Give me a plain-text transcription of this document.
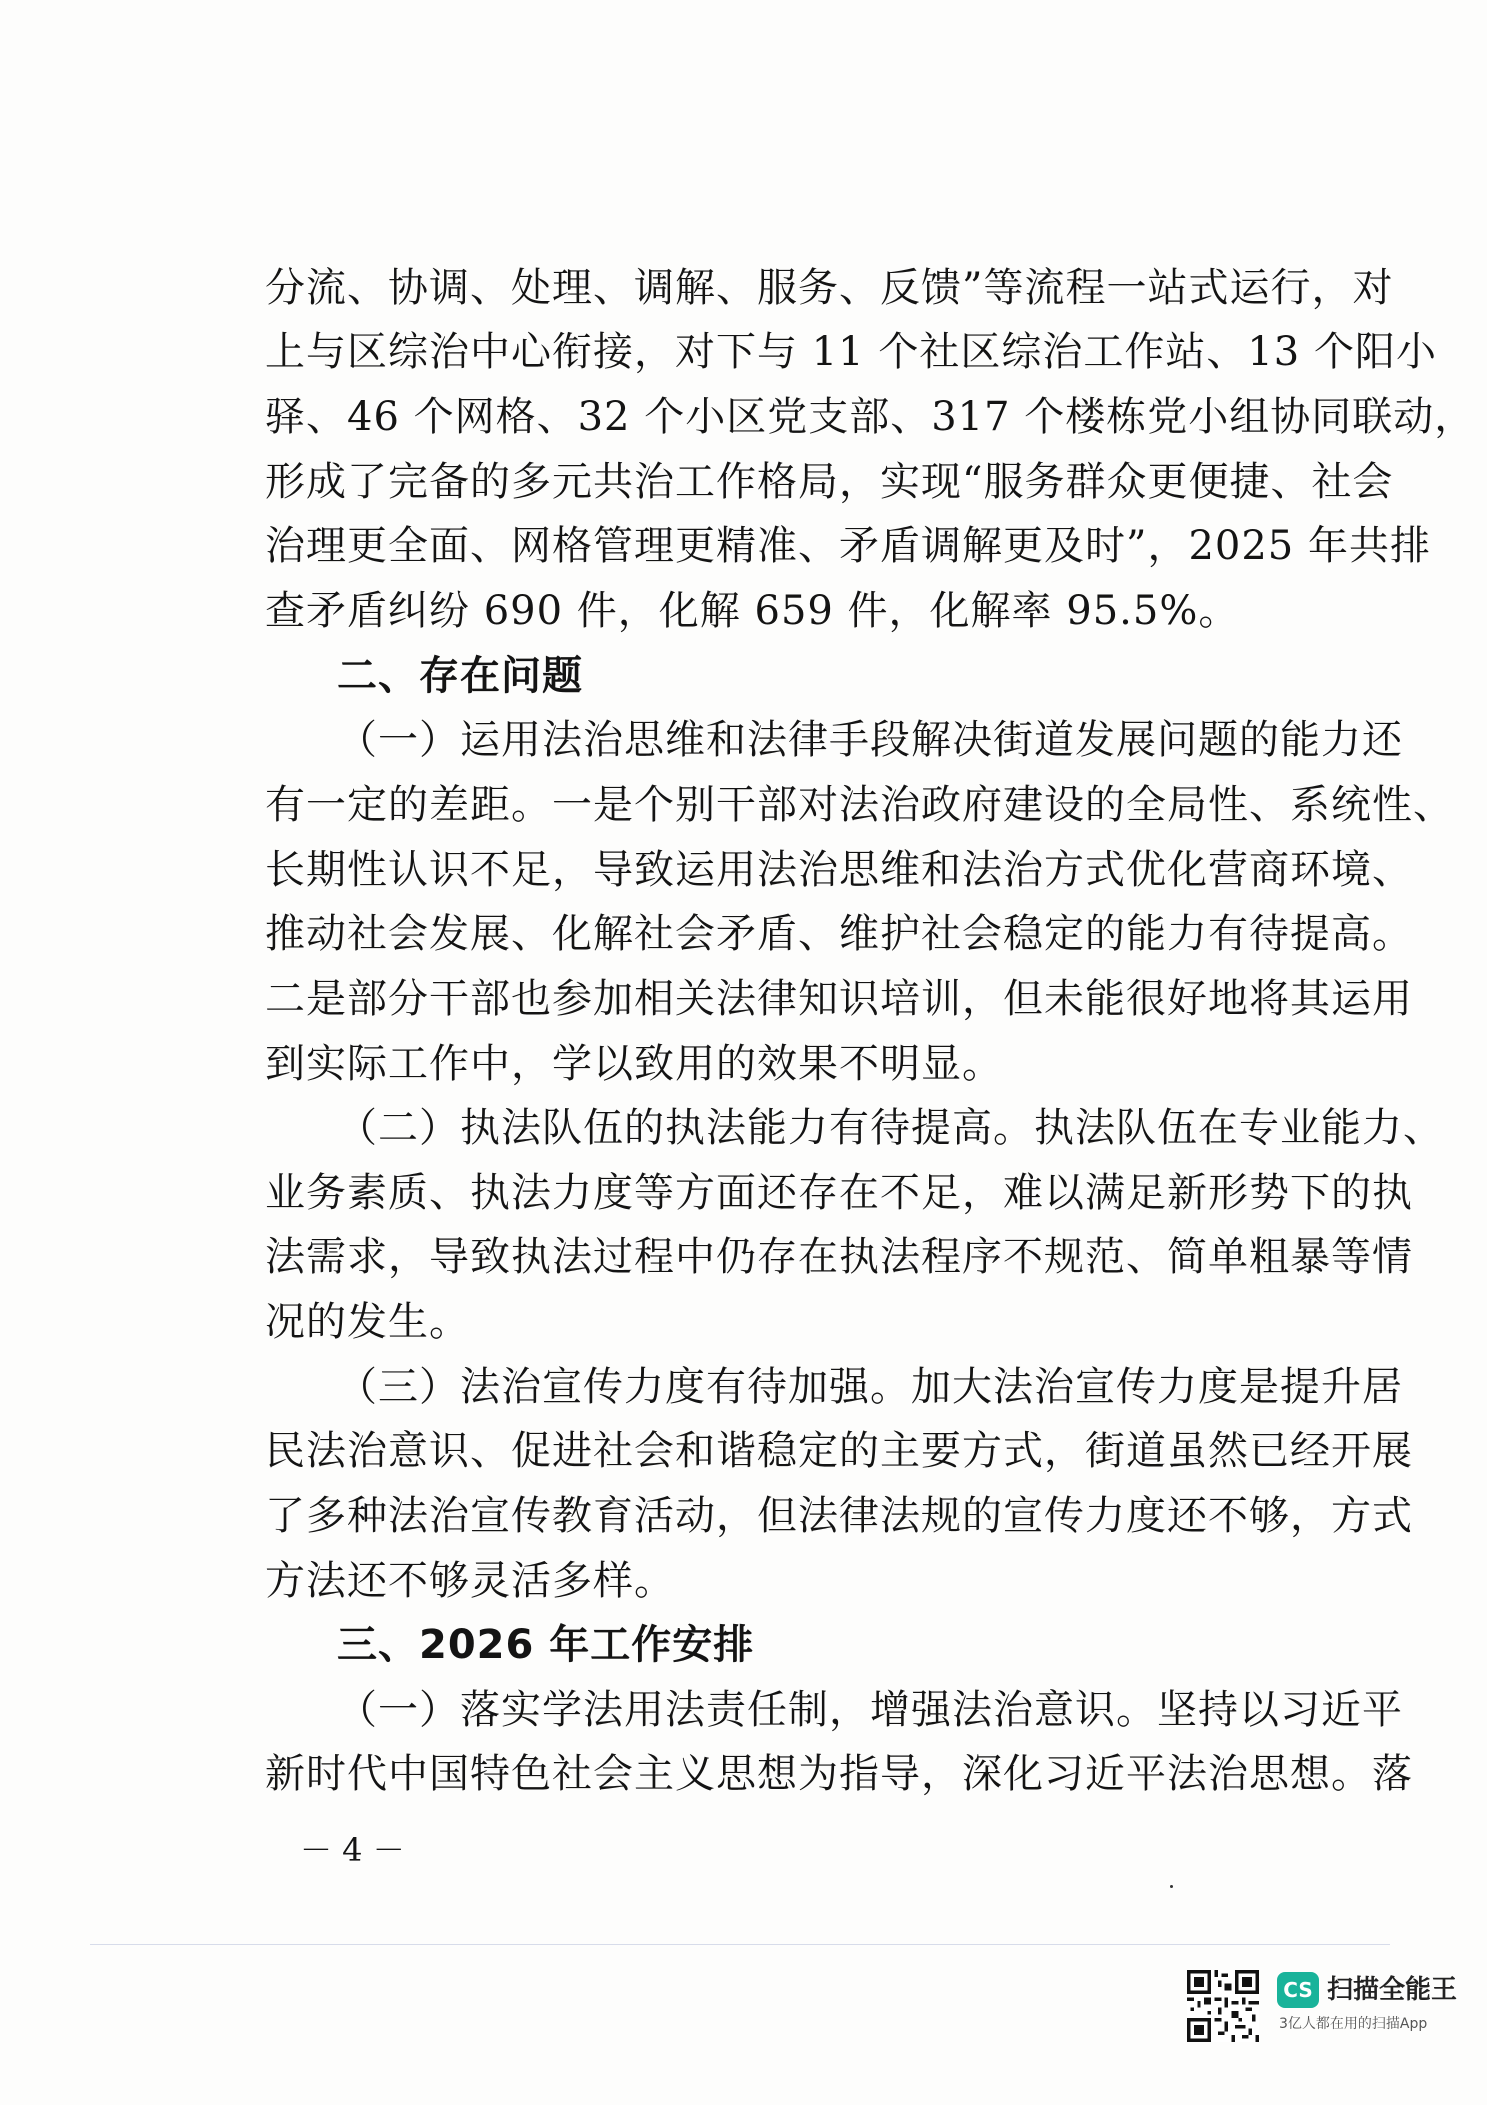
分流、协调、处理、调解、服务、反馈”等流程一站式运行，对
上与区综治中心衔接，对下与 11 个社区综治工作站、13 个阳小
驿、46 个网格、32 个小区党支部、317 个楼栋党小组协同联动，
形成了完备的多元共治工作格局，实现“服务群众更便捷、社会
治理更全面、网格管理更精准、矛盾调解更及时”，2025 年共排
查矛盾纠纷 690 件，化解 659 件，化解率 95.5%。
二、存在问题
（一）运用法治思维和法律手段解决街道发展问题的能力还
有一定的差距。一是个别干部对法治政府建设的全局性、系统性、
长期性认识不足，导致运用法治思维和法治方式优化营商环境、
推动社会发展、化解社会矛盾、维护社会稳定的能力有待提高。
二是部分干部也参加相关法律知识培训，但未能很好地将其运用
到实际工作中，学以致用的效果不明显。
（二）执法队伍的执法能力有待提高。执法队伍在专业能力、
业务素质、执法力度等方面还存在不足，难以满足新形势下的执
法需求，导致执法过程中仍存在执法程序不规范、简单粗暴等情
况的发生。
（三）法治宣传力度有待加强。加大法治宣传力度是提升居
民法治意识、促进社会和谐稳定的主要方式，街道虽然已经开展
了多种法治宣传教育活动，但法律法规的宣传力度还不够，方式
方法还不够灵活多样。
三、2026 年工作安排
（一）落实学法用法责任制，增强法治意识。坚持以习近平
新时代中国特色社会主义思想为指导，深化习近平法治思想。落
－ 4 －
CS 扫描全能王
3亿人都在用的扫描App
